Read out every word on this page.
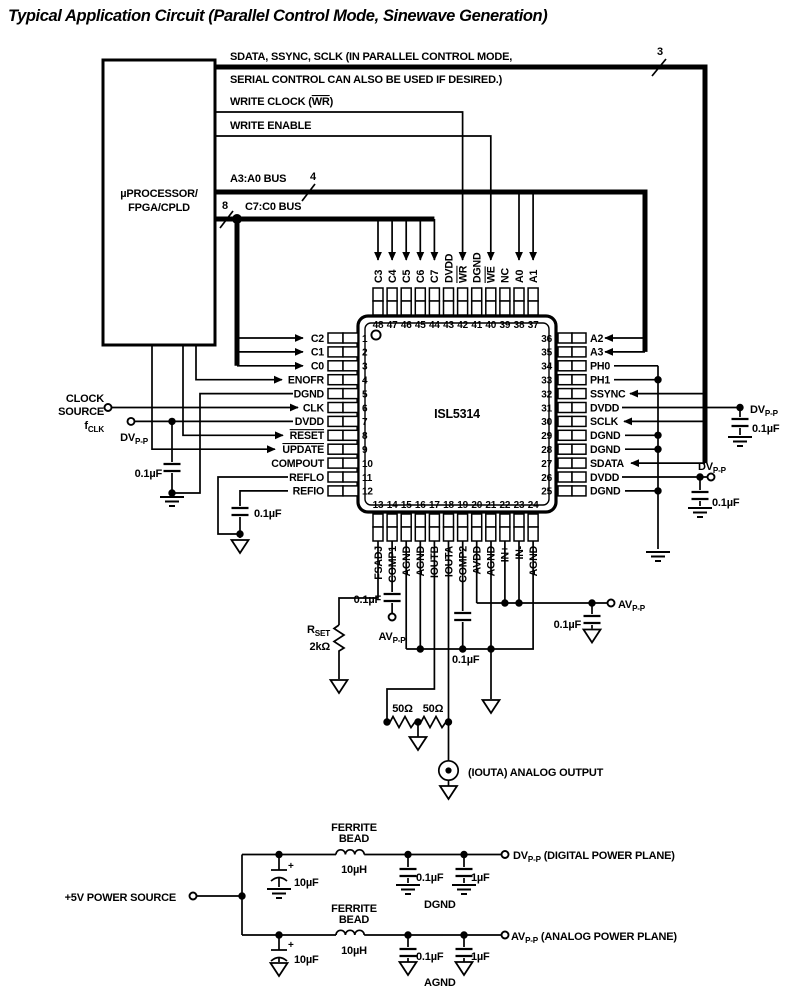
48
C3
47
C4
46
C5
45
C6
44
C7
43
DVDD
42
WR
41
DGND
40
WE
39
NC
38
A0
37
A1
13
FSADJ
14
COMP1
15
AGND
16
AGND
17
IOUTB
18
IOUTA
19
COMP2
20
AVDD
21
AGND
22
IN+
23
IN-
24
AGND
1
C2
2
C1
3
C0
4
ENOFR
5
DGND
6
CLK
7
DVDD
8
RESET
9
UPDATE
10
COMPOUT
11
REFLO
12
REFIO
36	A2
35	A3
34	PH0
33	PH1
32	SSYNC
31	DVDD
30	SCLK
29	DGND
28	DGND
27	SDATA
26	DVDD
25	DGND
Typical Application Circuit (Parallel Control Mode, Sinewave Generation)
SDATA, SSYNC, SCLK (IN PARALLEL CONTROL MODE,
SERIAL CONTROL CAN ALSO BE USED IF DESIRED.)
3
WRITE CLOCK (WR)
WRITE ENABLE
A3:A0 BUS 4
C7:C0 BUS
8
µPROCESSOR/
FPGA/CPLD
ISL5314
CLOCK
SOURCE
$f_{CLK}$
$DV_{P-P}$
0.1µF
0.1µF
$R_{SET}$
2kΩ
0.1µF
$AV_{P-P}$
0.1µF
0.1µF
$AV_{P-P}$
50Ω 50Ω
(IOUTA) ANALOG OUTPUT
$DV_{P-P}$
0.1µF
$DV_{P-P}$
0.1µF
+5V POWER SOURCE
FERRITE
BEAD
10µH
10µF
+
0.1µF	1µF
DGND
$DV_{P-P}$ (DIGITAL POWER PLANE)
FERRITE
BEAD
10µH
10µF
+
0.1µF	1µF
AGND
$AV_{P-P}$ (ANALOG POWER PLANE)
